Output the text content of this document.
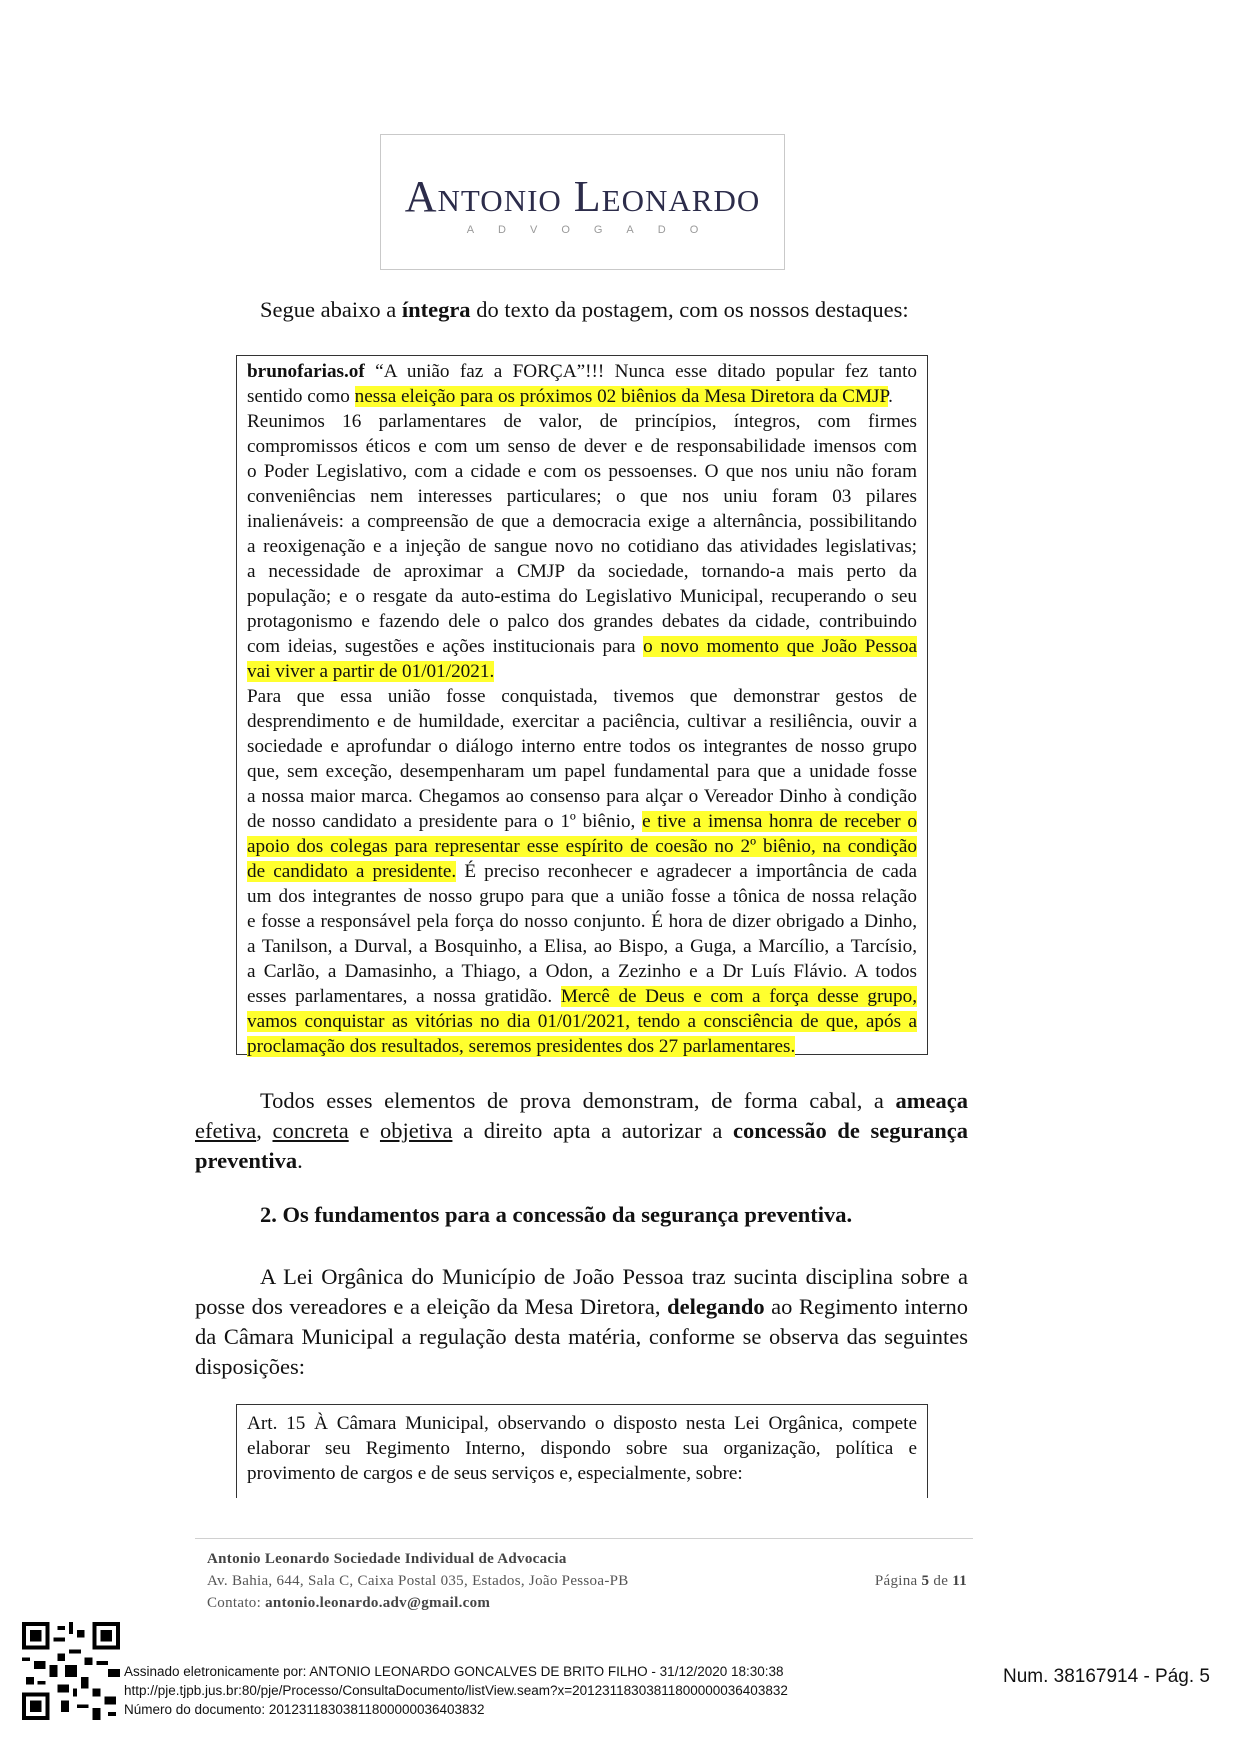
Antonio Leonardo
ADVOGADO
Segue abaixo a íntegra do texto da postagem, com os nossos destaques:
brunofarias.of “A união faz a FORÇA”!!! Nunca esse ditado popular fez tanto
sentido como nessa eleição para os próximos 02 biênios da Mesa Diretora da CMJP.
Reunimos 16 parlamentares de valor, de princípios, íntegros, com firmes
compromissos éticos e com um senso de dever e de responsabilidade imensos com
o Poder Legislativo, com a cidade e com os pessoenses. O que nos uniu não foram
conveniências nem interesses particulares; o que nos uniu foram 03 pilares
inalienáveis: a compreensão de que a democracia exige a alternância, possibilitando
a reoxigenação e a injeção de sangue novo no cotidiano das atividades legislativas;
a necessidade de aproximar a CMJP da sociedade, tornando-a mais perto da
população; e o resgate da auto-estima do Legislativo Municipal, recuperando o seu
protagonismo e fazendo dele o palco dos grandes debates da cidade, contribuindo
com ideias, sugestões e ações institucionais para o novo momento que João Pessoa
vai viver a partir de 01/01/2021.
Para que essa união fosse conquistada, tivemos que demonstrar gestos de
desprendimento e de humildade, exercitar a paciência, cultivar a resiliência, ouvir a
sociedade e aprofundar o diálogo interno entre todos os integrantes de nosso grupo
que, sem exceção, desempenharam um papel fundamental para que a unidade fosse
a nossa maior marca. Chegamos ao consenso para alçar o Vereador Dinho à condição
de nosso candidato a presidente para o 1º biênio, e tive a imensa honra de receber o
apoio dos colegas para representar esse espírito de coesão no 2º biênio, na condição
de candidato a presidente. É preciso reconhecer e agradecer a importância de cada
um dos integrantes de nosso grupo para que a união fosse a tônica de nossa relação
e fosse a responsável pela força do nosso conjunto. É hora de dizer obrigado a Dinho,
a Tanilson, a Durval, a Bosquinho, a Elisa, ao Bispo, a Guga, a Marcílio, a Tarcísio,
a Carlão, a Damasinho, a Thiago, a Odon, a Zezinho e a Dr Luís Flávio. A todos
esses parlamentares, a nossa gratidão. Mercê de Deus e com a força desse grupo,
vamos conquistar as vitórias no dia 01/01/2021, tendo a consciência de que, após a
proclamação dos resultados, seremos presidentes dos 27 parlamentares.
Todos esses elementos de prova demonstram, de forma cabal, a ameaça efetiva, concreta e objetiva a direito apta a autorizar a concessão de segurança preventiva.
2. Os fundamentos para a concessão da segurança preventiva.
A Lei Orgânica do Município de João Pessoa traz sucinta disciplina sobre a posse dos vereadores e a eleição da Mesa Diretora, delegando ao Regimento interno da Câmara Municipal a regulação desta matéria, conforme se observa das seguintes disposições:
Art. 15 À Câmara Municipal, observando o disposto nesta Lei Orgânica, compete
elaborar seu Regimento Interno, dispondo sobre sua organização, política e
provimento de cargos e de seus serviços e, especialmente, sobre:
Antonio Leonardo Sociedade Individual de Advocacia
Av. Bahia, 644, Sala C, Caixa Postal 035, Estados, João Pessoa-PB
Contato: antonio.leonardo.adv@gmail.com
Página 5 de 11
Assinado eletronicamente por: ANTONIO LEONARDO GONCALVES DE BRITO FILHO - 31/12/2020 18:30:38
http://pje.tjpb.jus.br:80/pje/Processo/ConsultaDocumento/listView.seam?x=20123118303811800000036403832
Número do documento: 20123118303811800000036403832
Num. 38167914 - Pág. 5
